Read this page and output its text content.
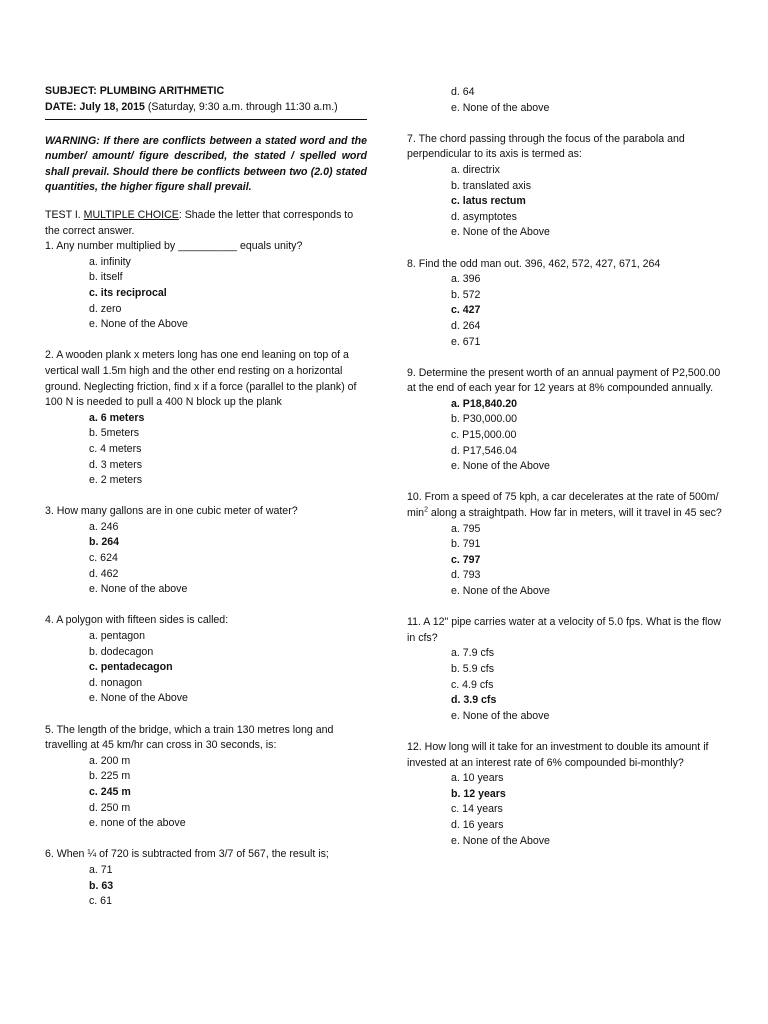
SUBJECT: PLUMBING ARITHMETIC
DATE: July 18, 2015 (Saturday, 9:30 a.m. through 11:30 a.m.)
WARNING: If there are conflicts between a stated word and the number/ amount/ figure described, the stated / spelled word shall prevail. Should there be conflicts between two (2.0) stated quantities, the higher figure shall prevail.
TEST I. MULTIPLE CHOICE: Shade the letter that corresponds to the correct answer.
1. Any number multiplied by __________ equals unity?
a. infinity
b. itself
c. its reciprocal
d. zero
e. None of the Above
2. A wooden plank x meters long has one end leaning on top of a vertical wall 1.5m high and the other end resting on a horizontal ground. Neglecting friction, find x if a force (parallel to the plank) of 100 N is needed to pull a 400 N block up the plank
a. 6 meters
b. 5meters
c. 4 meters
d. 3 meters
e. 2 meters
3. How many gallons are in one cubic meter of water?
a. 246
b. 264
c. 624
d. 462
e. None of the above
4. A polygon with fifteen sides is called:
a. pentagon
b. dodecagon
c. pentadecagon
d. nonagon
e. None of the Above
5. The length of the bridge, which a train 130 metres long and travelling at 45 km/hr can cross in 30 seconds, is:
a. 200 m
b. 225 m
c. 245 m
d. 250 m
e. none of the above
6. When ¼ of 720 is subtracted from 3/7 of 567, the result is;
a. 71
b. 63
c. 61
d. 64
e. None of the above
7. The chord passing through the focus of the parabola and perpendicular to its axis is termed as:
a. directrix
b. translated axis
c. latus rectum
d. asymptotes
e. None of the Above
8. Find the odd man out. 396, 462, 572, 427, 671, 264
a. 396
b. 572
c. 427
d. 264
e. 671
9. Determine the present worth of an annual payment of P2,500.00 at the end of each year for 12 years at 8% compounded annually.
a. P18,840.20
b. P30,000.00
c. P15,000.00
d. P17,546.04
e. None of the Above
10. From a speed of 75 kph, a car decelerates at the rate of 500m/ $\min^2$ along a straightpath. How far in meters, will it travel in 45 sec?
a. 795
b. 791
c. 797
d. 793
e. None of the Above
11. A 12" pipe carries water at a velocity of 5.0 fps. What is the flow in cfs?
a. 7.9 cfs
b. 5.9 cfs
c. 4.9 cfs
d. 3.9 cfs
e. None of the above
12. How long will it take for an investment to double its amount if invested at an interest rate of 6% compounded bi-monthly?
a. 10 years
b. 12 years
c. 14 years
d. 16 years
e. None of the Above
